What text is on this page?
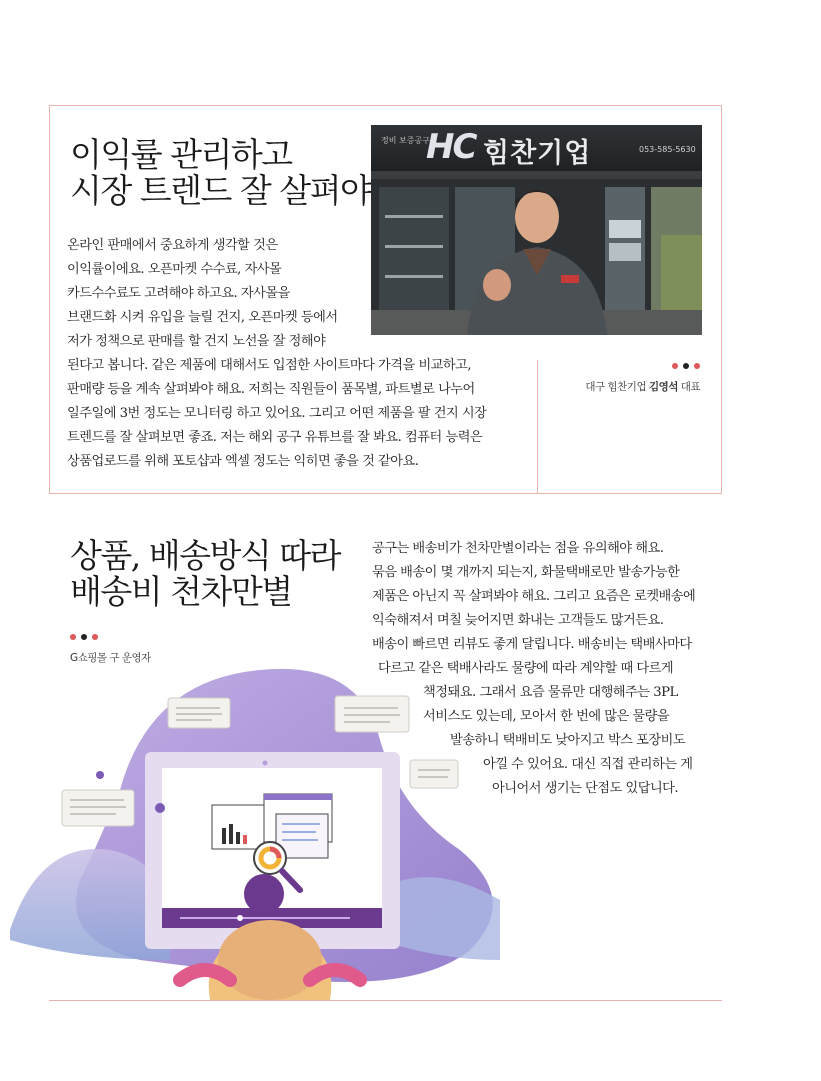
이익률 관리하고
시장 트렌드 잘 살펴야
온라인 판매에서 중요하게 생각할 것은
이익률이에요. 오픈마켓 수수료, 자사몰
카드수수료도 고려해야 하고요. 자사몰을
브랜드화 시켜 유입을 늘릴 건지, 오픈마켓 등에서
저가 정책으로 판매를 할 건지 노선을 잘 정해야
된다고 봅니다. 같은 제품에 대해서도 입점한 사이트마다 가격을 비교하고,
판매량 등을 계속 살펴봐야 해요. 저희는 직원들이 품목별, 파트별로 나누어
일주일에 3번 정도는 모니터링 하고 있어요. 그리고 어떤 제품을 팔 건지 시장
트렌드를 잘 살펴보면 좋죠. 저는 해외 공구 유튜브를 잘 봐요. 컴퓨터 능력은
상품업로드를 위해 포토샵과 엑셀 정도는 익히면 좋을 것 같아요.
정비 보증공구
HC 힘찬기업	053-585-5630
대구 힘찬기업 김영석 대표
상품, 배송방식 따라
배송비 천차만별
G쇼핑몰 구 운영자
공구는 배송비가 천차만별이라는 점을 유의해야 해요.
묶음 배송이 몇 개까지 되는지, 화물택배로만 발송가능한
제품은 아닌지 꼭 살펴봐야 해요. 그리고 요즘은 로켓배송에
익숙해져서 며칠 늦어지면 화내는 고객들도 많거든요.
배송이 빠르면 리뷰도 좋게 달립니다. 배송비는 택배사마다
다르고 같은 택배사라도 물량에 따라 계약할 때 다르게
책정돼요. 그래서 요즘 물류만 대행해주는 3PL
서비스도 있는데, 모아서 한 번에 많은 물량을
발송하니 택배비도 낮아지고 박스 포장비도
아낄 수 있어요. 대신 직접 관리하는 게
아니어서 생기는 단점도 있답니다.
